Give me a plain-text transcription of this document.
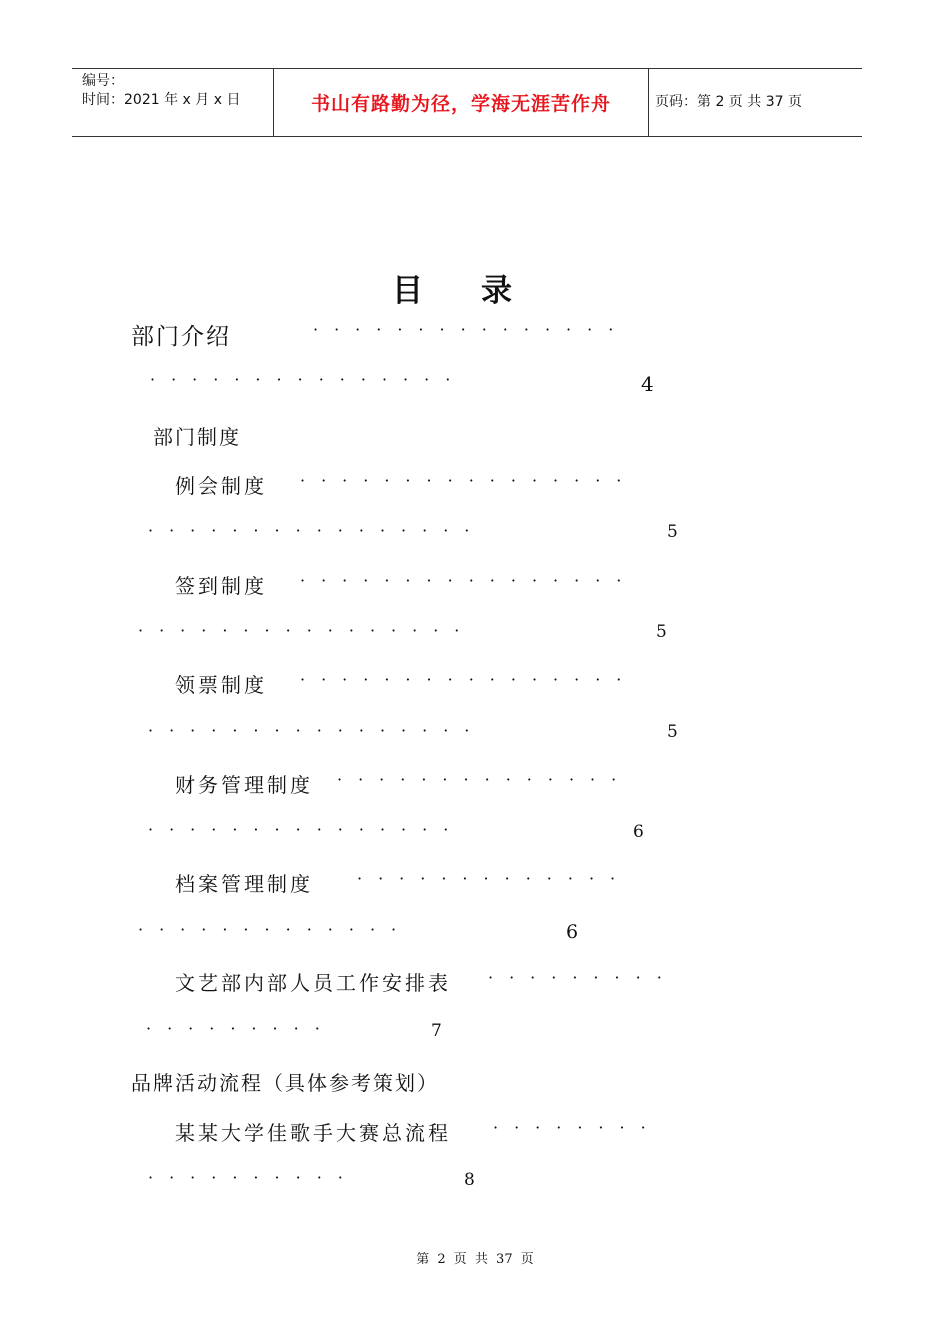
编号：
时间：2021 年 x 月 x 日	书山有路勤为径，学海无涯苦作舟	页码：第 2 页 共 37 页
目 录
部门介绍	···············
···············	4
部门制度
例会制度 ················
················	5
签到制度 ················
················	5
领票制度 ················
················	5
财务管理制度 ··············
···············	6
档案管理制度	·············
·············	6
文艺部内部人员工作安排表 ·········
·········	7
品牌活动流程（具体参考策划）
某某大学佳歌手大赛总流程	········
··········	8
第 2 页 共 37 页
